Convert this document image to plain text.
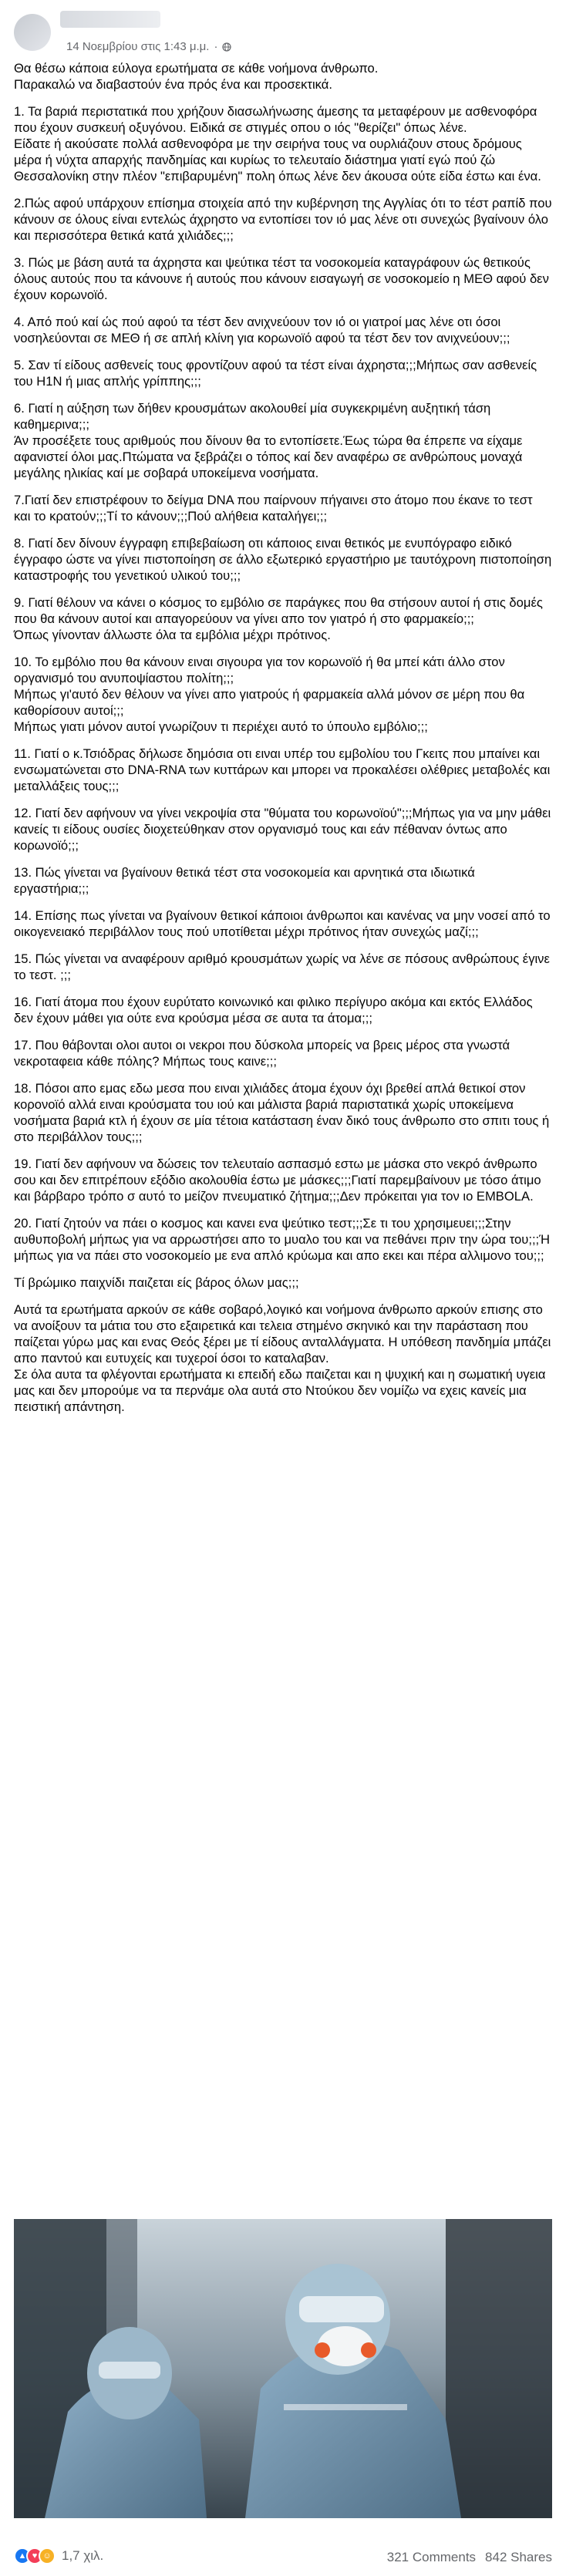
14 Νοεμβρίου στις 1:43 μ.μ. ·

Θα θέσω κάποια εύλογα ερωτήματα σε κάθε νοήμονα άνθρωπο.

Παρακαλώ να διαβαστούν ένα πρός ένα και προσεκτικά.

1. Τα βαριά περιστατικά που χρήζουν διασωλήνωσης άμεσης τα μεταφέρουν με ασθενοφόρα που έχουν συσκευή οξυγόνου. Ειδικά σε στιγμές οπου ο ιός "θερίζει" όπως λένε.

Είδατε ή ακούσατε πολλά ασθενοφόρα με την σειρήνα τους να ουρλιάζουν στους δρόμους μέρα ή νύχτα απαρχής πανδημίας και κυρίως το τελευταίο διάστημα γιατί εγώ πού ζώ Θεσσαλονίκη στην πλέον "επιβαρυμένη" πολη όπως λένε δεν άκουσα ούτε είδα έστω και ένα.

2.Πώς αφού υπάρχουν επίσημα στοιχεία από την κυβέρνηση της Αγγλίας ότι το τέστ ραπίδ που κάνουν σε όλους είναι εντελώς άχρηστο να εντοπίσει τον ιό μας λένε οτι συνεχώς βγαίνουν όλο και περισσότερα θετικά κατά χιλιάδες;;;

3. Πώς με βάση αυτά τα άχρηστα και ψεύτικα τέστ τα νοσοκομεία καταγράφουν ώς θετικούς όλους αυτούς που τα κάνουνε ή αυτούς που κάνουν εισαγωγή σε νοσοκομείο η ΜΕΘ αφού δεν έχουν κορωνοϊό.

4. Από πού καί ώς πού αφού τα τέστ δεν ανιχνεύουν τον ιό οι γιατροί μας λένε οτι όσοι νοσηλεύονται σε ΜΕΘ ή σε απλή κλίνη για κορωνοϊό αφού τα τέστ δεν τον ανιχνεύουν;;;

5. Σαν τί είδους ασθενείς τους φροντίζουν αφού τα τέστ είναι άχρηστα;;;Μήπως σαν ασθενείς του Η1Ν ή μιας απλής γρίππης;;;

6. Γιατί η αύξηση των δήθεν κρουσμάτων ακολουθεί μία συγκεκριμένη αυξητική τάση καθημερινα;;;

Άν προσέξετε τους αριθμούς που δίνουν θα το εντοπίσετε.Έως τώρα θα έπρεπε να είχαμε αφανιστεί όλοι μας.Πτώματα να ξεβράζει ο τόπος καί δεν αναφέρω σε ανθρώπους μοναχά μεγάλης ηλικίας καί με σοβαρά υποκείμενα νοσήματα.

7.Γιατί δεν επιστρέφουν το δείγμα DNA που παίρνουν πήγαινει στο άτομο που έκανε το τεστ και το κρατούν;;;Τί το κάνουν;;;Πού αλήθεια καταλήγει;;;

8. Γιατί δεν δίνουν έγγραφη επιβεβαίωση οτι κάποιος ειναι θετικός με ενυπόγραφο ειδικό έγγραφο ώστε να γίνει πιστοποίηση σε άλλο εξωτερικό εργαστήριο με ταυτόχρονη πιστοποίηση καταστροφής του γενετικού υλικού του;;;

9. Γιατί θέλουν να κάνει ο κόσμος το εμβόλιο σε παράγκες που θα στήσουν αυτοί ή στις δομές που θα κάνουν αυτοί και απαγορεύουν να γίνει απο τον γιατρό ή στο φαρμακείο;;;

Όπως γίνονταν άλλωστε όλα τα εμβόλια μέχρι πρότινος.

10. Το εμβόλιο που θα κάνουν ειναι σιγουρα για τον κορωνοϊό ή θα μπεί κάτι άλλο στον οργανισμό του ανυποψίαστου πολίτη;;;

Μήπως γι'αυτό δεν θέλουν να γίνει απο γιατρούς ή φαρμακεία αλλά μόνον σε μέρη που θα καθορίσουν αυτοί;;;

Μήπως γιατι μόνον αυτοί γνωρίζουν τι περιέχει αυτό το ύπουλο εμβόλιο;;;

11. Γιατί ο κ.Τσιόδρας δήλωσε δημόσια οτι ειναι υπέρ του εμβολίου του Γκειτς που μπαίνει και ενσωματώνεται στο DNA-RNA των κυττάρων και μπορει να προκαλέσει ολέθριες μεταβολές και μεταλλάξεις τους;;;

12. Γιατί δεν αφήνουν να γίνει νεκροψία στα "θύματα του κορωνοϊού";;;Μήπως για να μην μάθει κανείς τι είδους ουσίες διοχετεύθηκαν στον οργανισμό τους και εάν πέθαναν όντως απο κορωνοϊό;;;

13. Πώς γίνεται να βγαίνουν θετικά τέστ στα νοσοκομεία και αρνητικά στα ιδιωτικά εργαστήρια;;;

14. Επίσης πως γίνεται να βγαίνουν θετικοί κάποιοι άνθρωποι και κανένας να μην νοσεί από το οικογενειακό περιβάλλον τους πού υποτίθεται μέχρι πρότινος ήταν συνεχώς μαζί;;;

15. Πώς γίνεται να αναφέρουν αριθμό κρουσμάτων χωρίς να λένε σε πόσους ανθρώπους έγινε το τεστ. ;;;

16. Γιατί άτομα που έχουν ευρύτατο κοινωνικό και φιλικο περίγυρο ακόμα και εκτός Ελλάδος δεν έχουν μάθει για ούτε ενα κρούσμα μέσα σε αυτα τα άτομα;;;

17. Που θάβονται ολοι αυτοι οι νεκροι που δύσκολα μπορείς να βρεις μέρος στα γνωστά νεκροταφεια κάθε πόλης? Μήπως τους καινε;;;

18. Πόσοι απο εμας εδω μεσα που ειναι χιλιάδες άτομα έχουν όχι βρεθεί απλά θετικοί στον κορονοϊό αλλά ειναι κρούσματα του ιού και μάλιστα βαριά παριστατικά χωρίς υποκείμενα νοσήματα βαριά κτλ ή έχουν σε μία τέτοια κατάσταση έναν δικό τους άνθρωπο στο σπιτι τους ή στο περιβάλλον τους;;;

19. Γιατί δεν αφήνουν να δώσεις τον τελευταίο ασπασμό εστω με μάσκα στο νεκρό άνθρωπο σου και δεν επιτρέπουν εξόδιο ακολουθία έστω με μάσκες;;;Γιατί παρεμβαίνουν με τόσο άτιμο και βάρβαρο τρόπο σ αυτό το μείζον πνευματικό ζήτημα;;;Δεν πρόκειται για τον ιο EMBOLA.

20. Γιατί ζητούν να πάει ο κοσμος και κανει ενα ψεύτικο τεστ;;;Σε τι του χρησιμευει;;;Στην αυθυποβολή μήπως για να αρρωστήσει απο το μυαλο του και να πεθάνει πριν την ώρα του;;;Ή μήπως για να πάει στο νοσοκομείο με ενα απλό κρύωμα και απο εκει και πέρα αλλιμονο του;;;

Τί βρώμικο παιχνίδι παιζεται είς βάρος όλων μας;;;

Αυτά τα ερωτήματα αρκούν σε κάθε σοβαρό,λογικό και νοήμονα άνθρωπο αρκούν επισης στο να ανοίξουν τα μάτια του στο εξαιρετικά και τελεια στημένο σκηνικό και την παράσταση που παίζεται γύρω μας και ενας Θεός ξέρει με τί είδους ανταλλάγματα. Η υπόθεση πανδημία μπάζει απο παντού και ευτυχείς και τυχεροί όσοι το καταλαβαν.

Σε όλα αυτα τα φλέγονται ερωτήματα κι επειδή εδω παιζεται και η ψυχική και η σωματική υγεια μας και δεν μπορούμε να τα περνάμε ολα αυτά στο Ντούκου δεν νομίζω να εχεις κανείς μια πειστική απάντηση.

▲ ♥ ☺ 1,7 χιλ.	321 Comments 842 Shares
